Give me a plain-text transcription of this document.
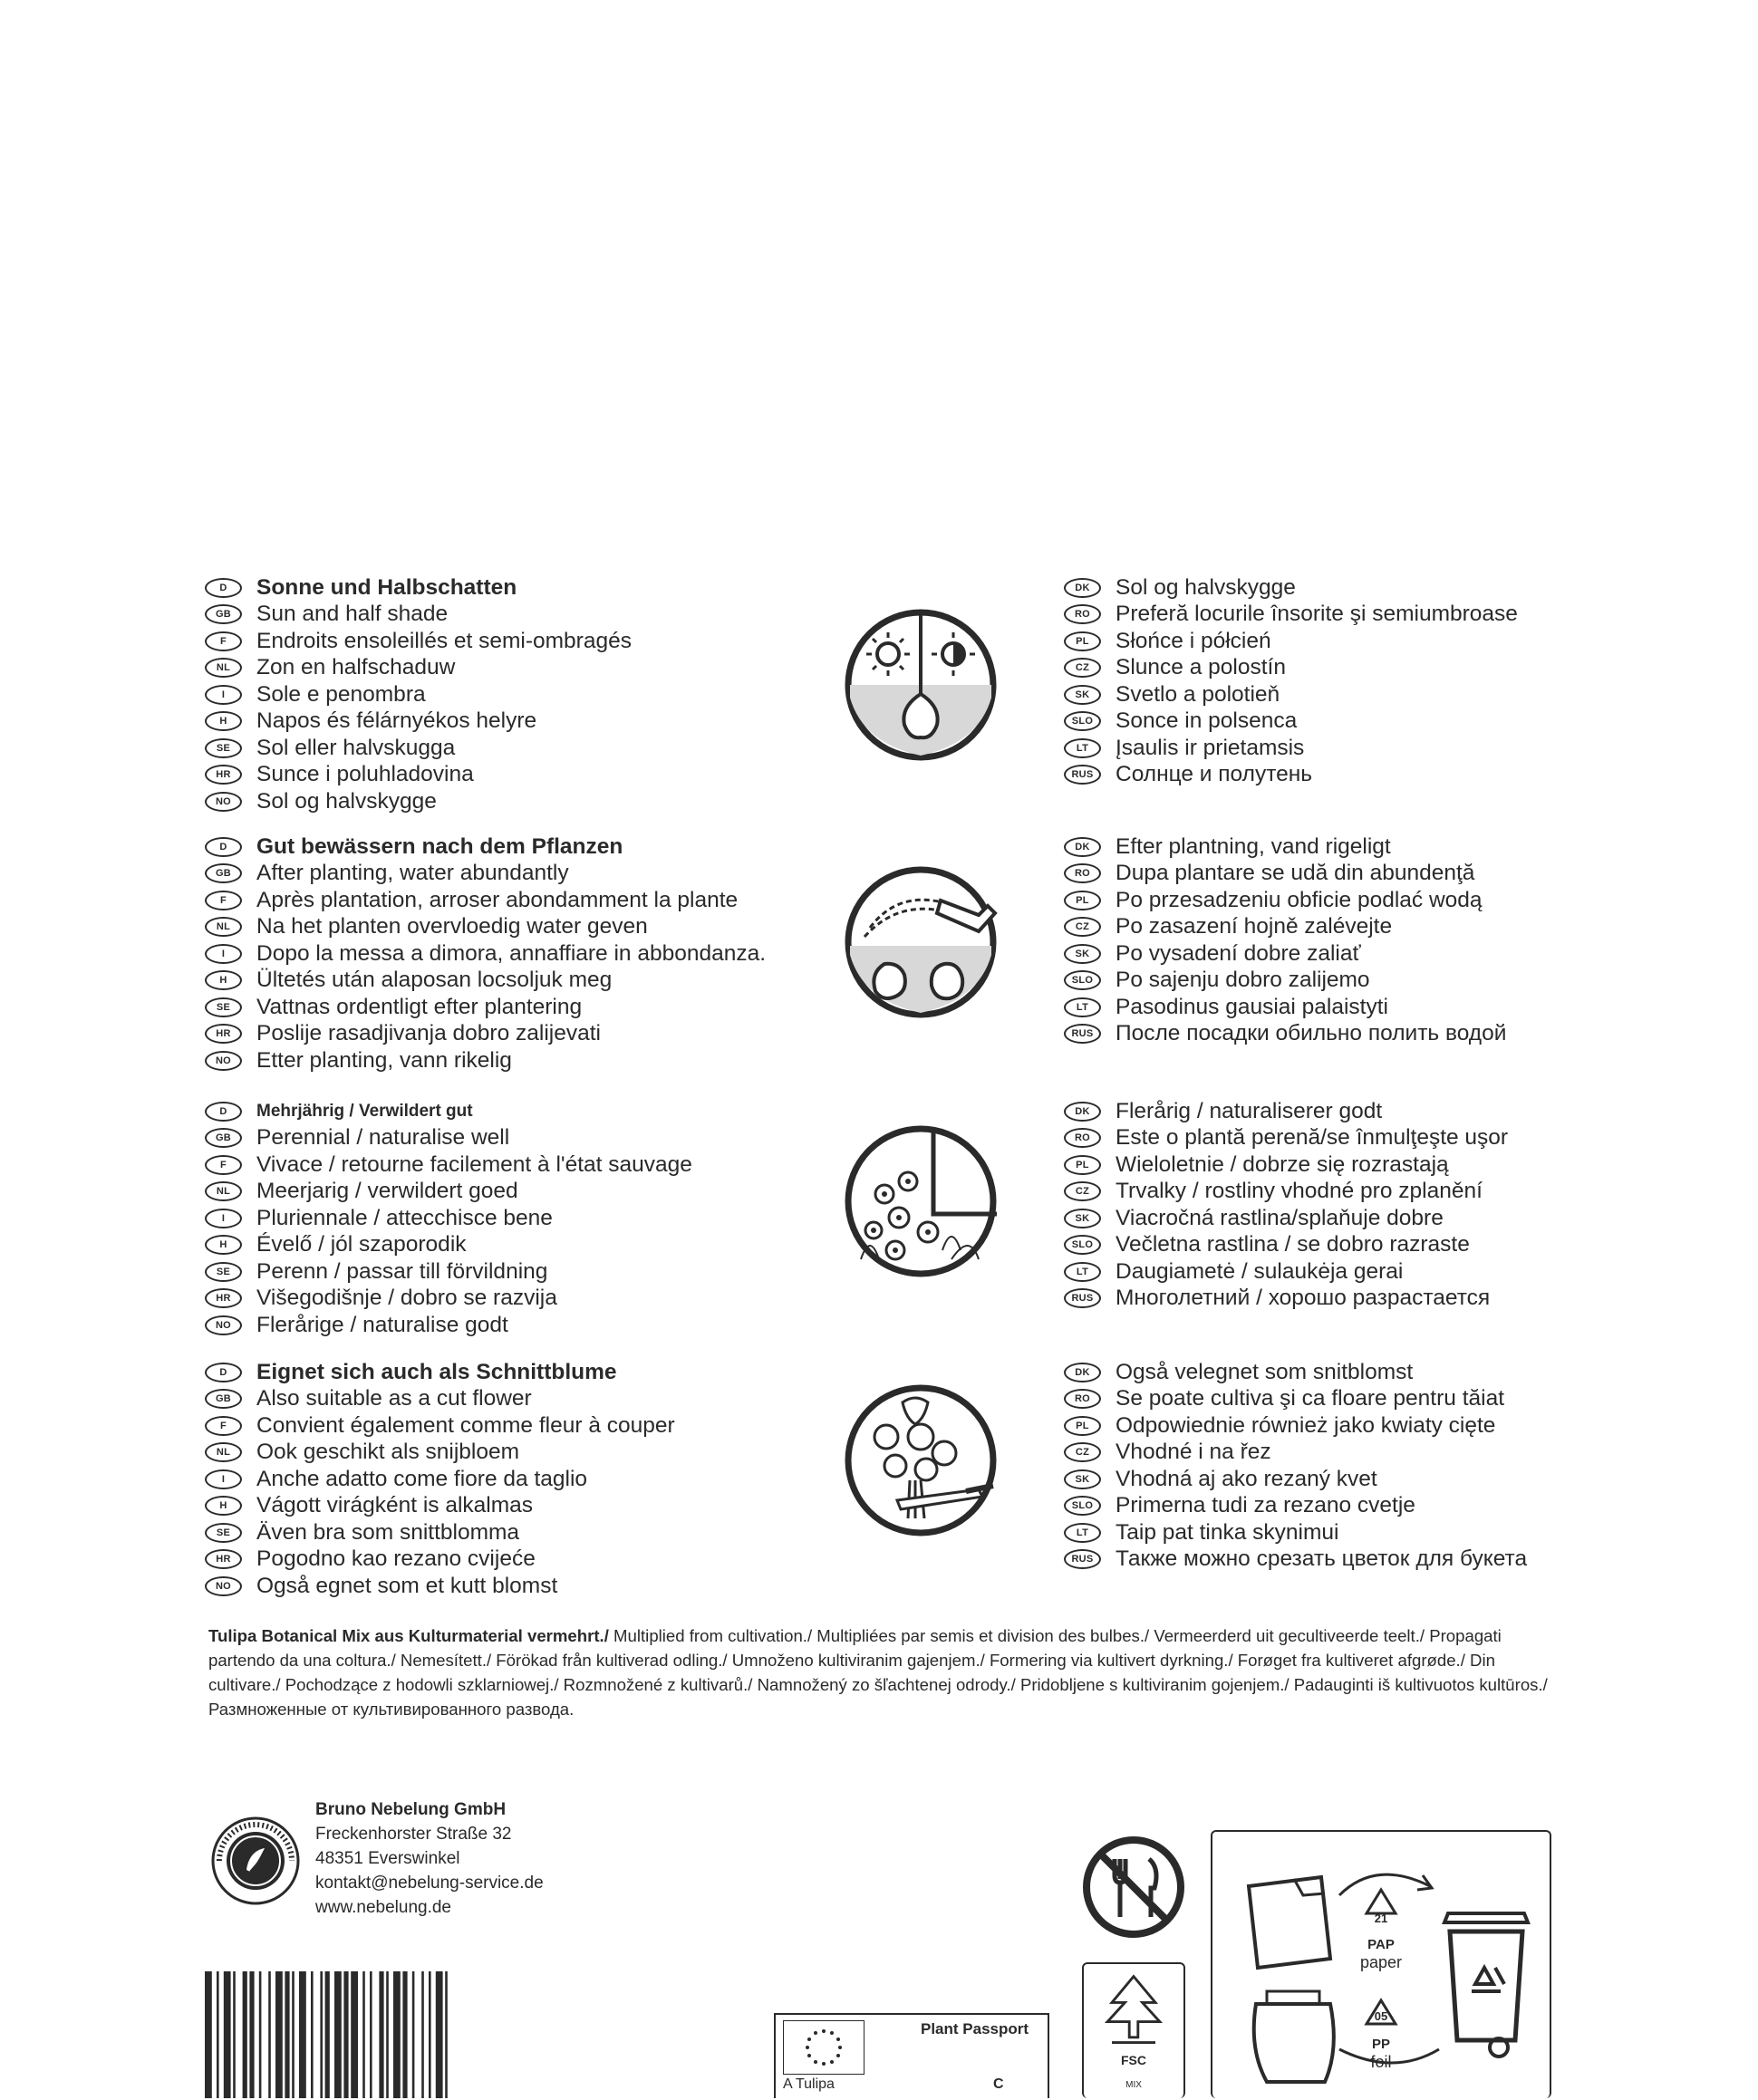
D	Sonne und Halbschatten
GB	Sun and half shade
F	Endroits ensoleillés et semi-ombragés
NL	Zon en halfschaduw
I	Sole e penombra
H	Napos és félárnyékos helyre
SE	Sol eller halvskugga
HR	Sunce i poluhladovina
NO	Sol og halvskygge
DK	Sol og halvskygge
RO	Preferă locurile însorite şi semiumbroase
PL	Słońce i półcień
CZ	Slunce a polostín
SK	Svetlo a polotieň
SLO	Sonce in polsenca
LT	Įsaulis ir prietamsis
RUS Солнце и полутень
D	Gut bewässern nach dem Pflanzen
GB	After planting, water abundantly
F	Après plantation, arroser abondamment la plante
NL	Na het planten overvloedig water geven
I	Dopo la messa a dimora, annaffiare in abbondanza.
H	Ültetés után alaposan locsoljuk meg
SE	Vattnas ordentligt efter plantering
HR	Poslije rasadjivanja dobro zalijevati
NO	Etter planting, vann rikelig
DK	Efter plantning, vand rigeligt
RO	Dupa plantare se udă din abundenţă
PL	Po przesadzeniu obficie podlać wodą
CZ	Po zasazení hojně zalévejte
SK	Po vysadení dobre zaliať
SLO	Po sajenju dobro zalijemo
LT	Pasodinus gausiai palaistyti
RUS После посадки обильно полить водой
D	Mehrjährig / Verwildert gut
GB	Perennial / naturalise well
F	Vivace / retourne facilement à l'état sauvage
NL	Meerjarig / verwildert goed
I	Pluriennale / attecchisce bene
H	Évelő / jól szaporodik
SE	Perenn / passar till förvildning
HR	Višegodišnje / dobro se razvija
NO	Flerårige / naturalise godt
DK	Flerårig / naturaliserer godt
RO	Este o plantă perenă/se înmulţeşte uşor
PL	Wieloletnie / dobrze się rozrastają
CZ	Trvalky / rostliny vhodné pro zplanění
SK	Viacročná rastlina/splaňuje dobre
SLO	Večletna rastlina / se dobro razraste
LT	Daugiametė / sulaukėja gerai
RUS Многолетний / хорошо разрастается
D	Eignet sich auch als Schnittblume
GB	Also suitable as a cut flower
F	Convient également comme fleur à couper
NL	Ook geschikt als snijbloem
I	Anche adatto come fiore da taglio
H	Vágott virágként is alkalmas
SE	Även bra som snittblomma
HR	Pogodno kao rezano cvijeće
NO	Også egnet som et kutt blomst
DK	Også velegnet som snitblomst
RO	Se poate cultiva şi ca floare pentru tăiat
PL	Odpowiednie również jako kwiaty cięte
CZ	Vhodné i na řez
SK	Vhodná aj ako rezaný kvet
SLO	Primerna tudi za rezano cvetje
LT	Taip pat tinka skynimui
RUS Также можно срезать цветок для букета
Tulipa Botanical Mix aus Kulturmaterial vermehrt./ Multiplied from cultivation./ Multipliées par semis et division des bulbes./ Vermeerderd uit gecultiveerde teelt./ Propagati partendo da una coltura./ Nemesített./ Förökad från kultiverad odling./ Umnoženo kultiviranim gajenjem./ Formering via kultivert dyrkning./ Forøget fra kultiveret afgrøde./ Din cultivare./ Pochodzące z hodowli szklarniowej./ Rozmnožené z kultivarů./ Namnožený zo šľachtenej odrody./ Pridobljene s kultiviranim gojenjem./ Padauginti iš kultivuotos kultūros./ Размноженные от культивированного развода.
Bruno Nebelung GmbH
Freckenhorster Straße 32
48351 Everswinkel
kontakt@nebelung-service.de
www.nebelung.de
Plant Passport
A Tulipa	C
FSC
MIX
21
PAP
paper
05
PP
foil
